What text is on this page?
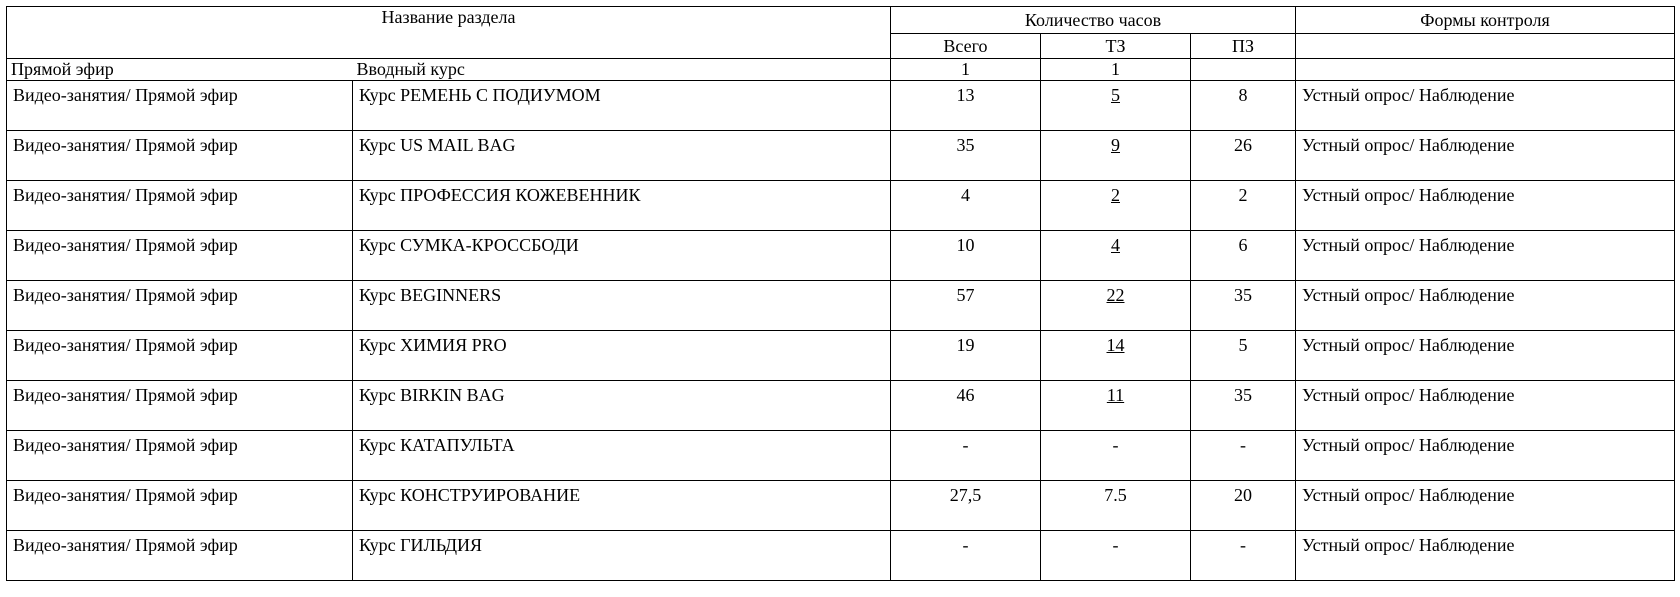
Название раздела		Количество часов			Формы контроля
		Всего	ТЗ	ПЗ	
Прямой эфир	Вводный курс	1	1		
Видео-занятия/ Прямой эфир	Курс РЕМЕНЬ С ПОДИУМОМ	13	5	8	Устный опрос/ Наблюдение
Видео-занятия/ Прямой эфир	Курс US MAIL BAG	35	9	26	Устный опрос/ Наблюдение
Видео-занятия/ Прямой эфир	Курс ПРОФЕССИЯ КОЖЕВЕННИК	4	2	2	Устный опрос/ Наблюдение
Видео-занятия/ Прямой эфир	Курс СУМКА-КРОССБОДИ	10	4	6	Устный опрос/ Наблюдение
Видео-занятия/ Прямой эфир	Курс BEGINNERS	57	22	35	Устный опрос/ Наблюдение
Видео-занятия/ Прямой эфир	Курс ХИМИЯ PRO	19	14	5	Устный опрос/ Наблюдение
Видео-занятия/ Прямой эфир	Курс BIRKIN BAG	46	11	35	Устный опрос/ Наблюдение
Видео-занятия/ Прямой эфир	Курс КАТАПУЛЬТА	-	-	-	Устный опрос/ Наблюдение
Видео-занятия/ Прямой эфир	Курс КОНСТРУИРОВАНИЕ	27,5	7.5	20	Устный опрос/ Наблюдение
Видео-занятия/ Прямой эфир	Курс ГИЛЬДИЯ	-	-	-	Устный опрос/ Наблюдение
